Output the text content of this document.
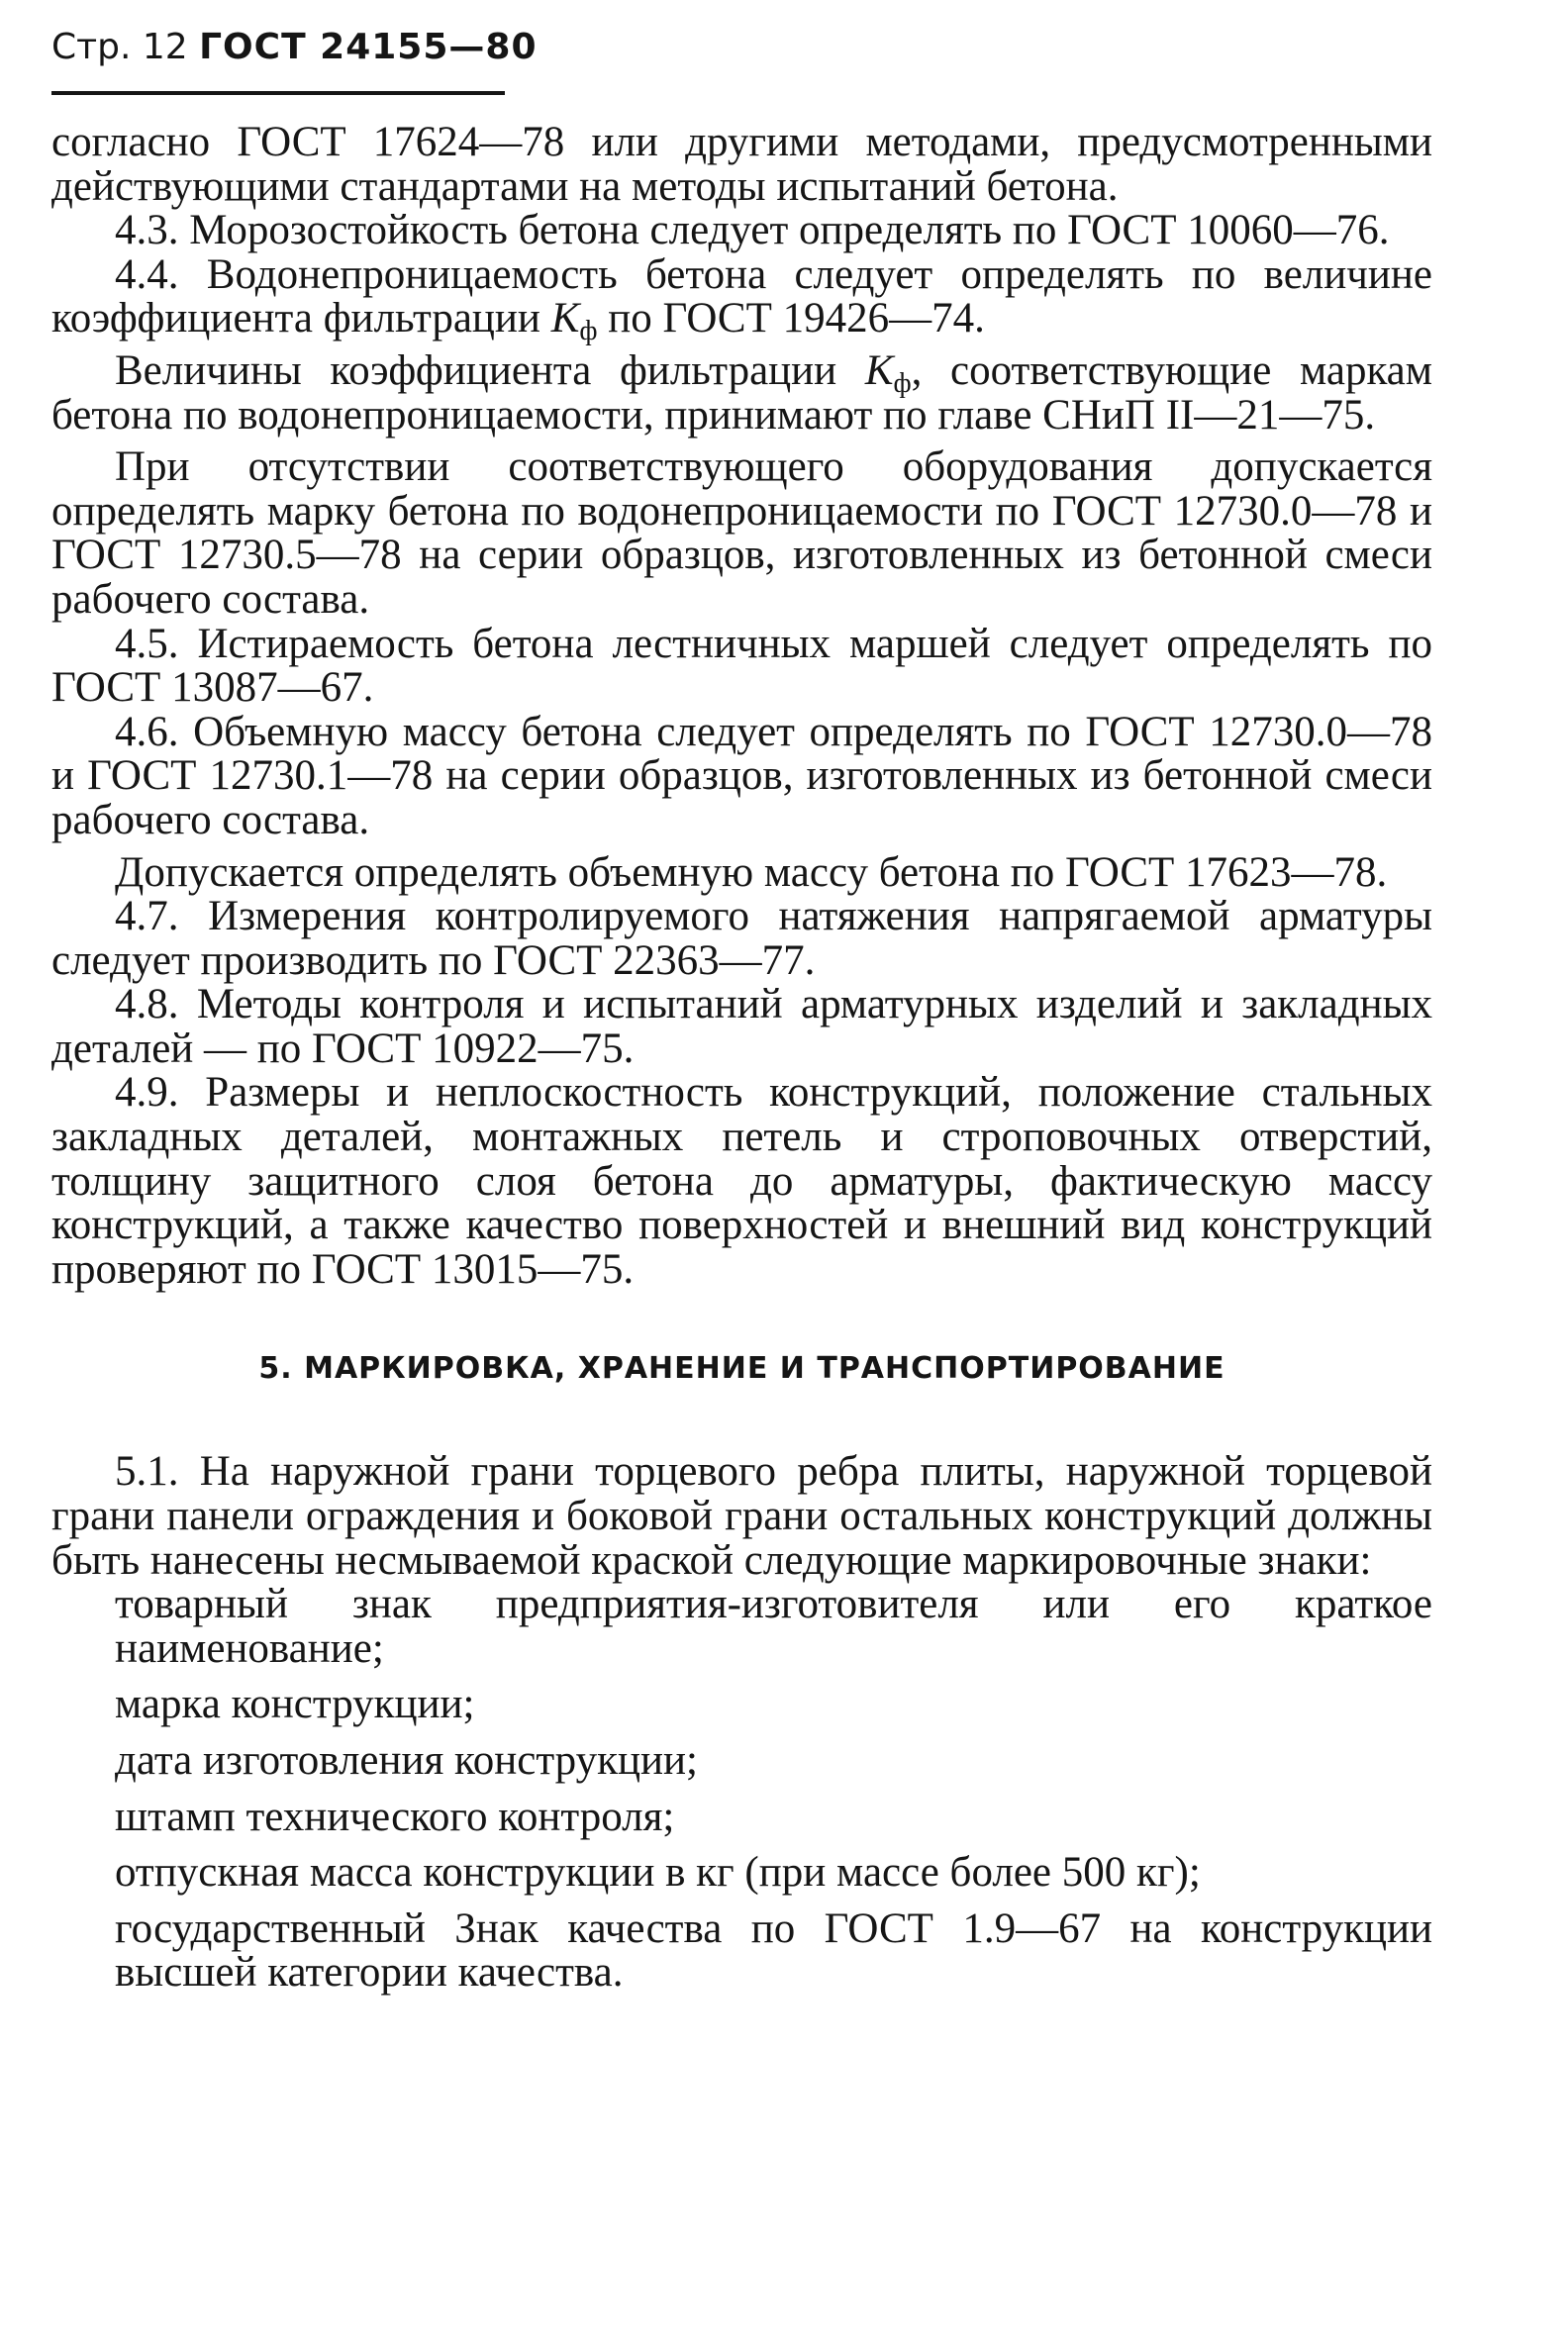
Стр. 12 ГОСТ 24155—80

согласно ГОСТ 17624—78 или другими методами, предусмотренными действующими стандартами на методы испытаний бетона.

4.3. Морозостойкость бетона следует определять по ГОСТ 10060—76.

4.4. Водонепроницаемость бетона следует определять по величине коэффициента фильтрации $K_ф$ по ГОСТ 19426—74.

Величины коэффициента фильтрации $K_ф$, соответствующие маркам бетона по водонепроницаемости, принимают по главе СНиП II—21—75.

При отсутствии соответствующего оборудования допускается определять марку бетона по водонепроницаемости по ГОСТ 12730.0—78 и ГОСТ 12730.5—78 на серии образцов, изготовленных из бетонной смеси рабочего состава.

4.5. Истираемость бетона лестничных маршей следует определять по ГОСТ 13087—67.

4.6. Объемную массу бетона следует определять по ГОСТ 12730.0—78 и ГОСТ 12730.1—78 на серии образцов, изготовленных из бетонной смеси рабочего состава.

Допускается определять объемную массу бетона по ГОСТ 17623—78.

4.7. Измерения контролируемого натяжения напрягаемой арматуры следует производить по ГОСТ 22363—77.

4.8. Методы контроля и испытаний арматурных изделий и закладных деталей — по ГОСТ 10922—75.

4.9. Размеры и неплоскостность конструкций, положение стальных закладных деталей, монтажных петель и строповочных отверстий, толщину защитного слоя бетона до арматуры, фактическую массу конструкций, а также качество поверхностей и внешний вид конструкций проверяют по ГОСТ 13015—75.

5. МАРКИРОВКА, ХРАНЕНИЕ И ТРАНСПОРТИРОВАНИЕ

5.1. На наружной грани торцевого ребра плиты, наружной торцевой грани панели ограждения и боковой грани остальных конструкций должны быть нанесены несмываемой краской следующие маркировочные знаки:

товарный знак предприятия-изготовителя или его краткое наименование;

марка конструкции;

дата изготовления конструкции;

штамп технического контроля;

отпускная масса конструкции в кг (при массе более 500 кг);

государственный Знак качества по ГОСТ 1.9—67 на конструкции высшей категории качества.
